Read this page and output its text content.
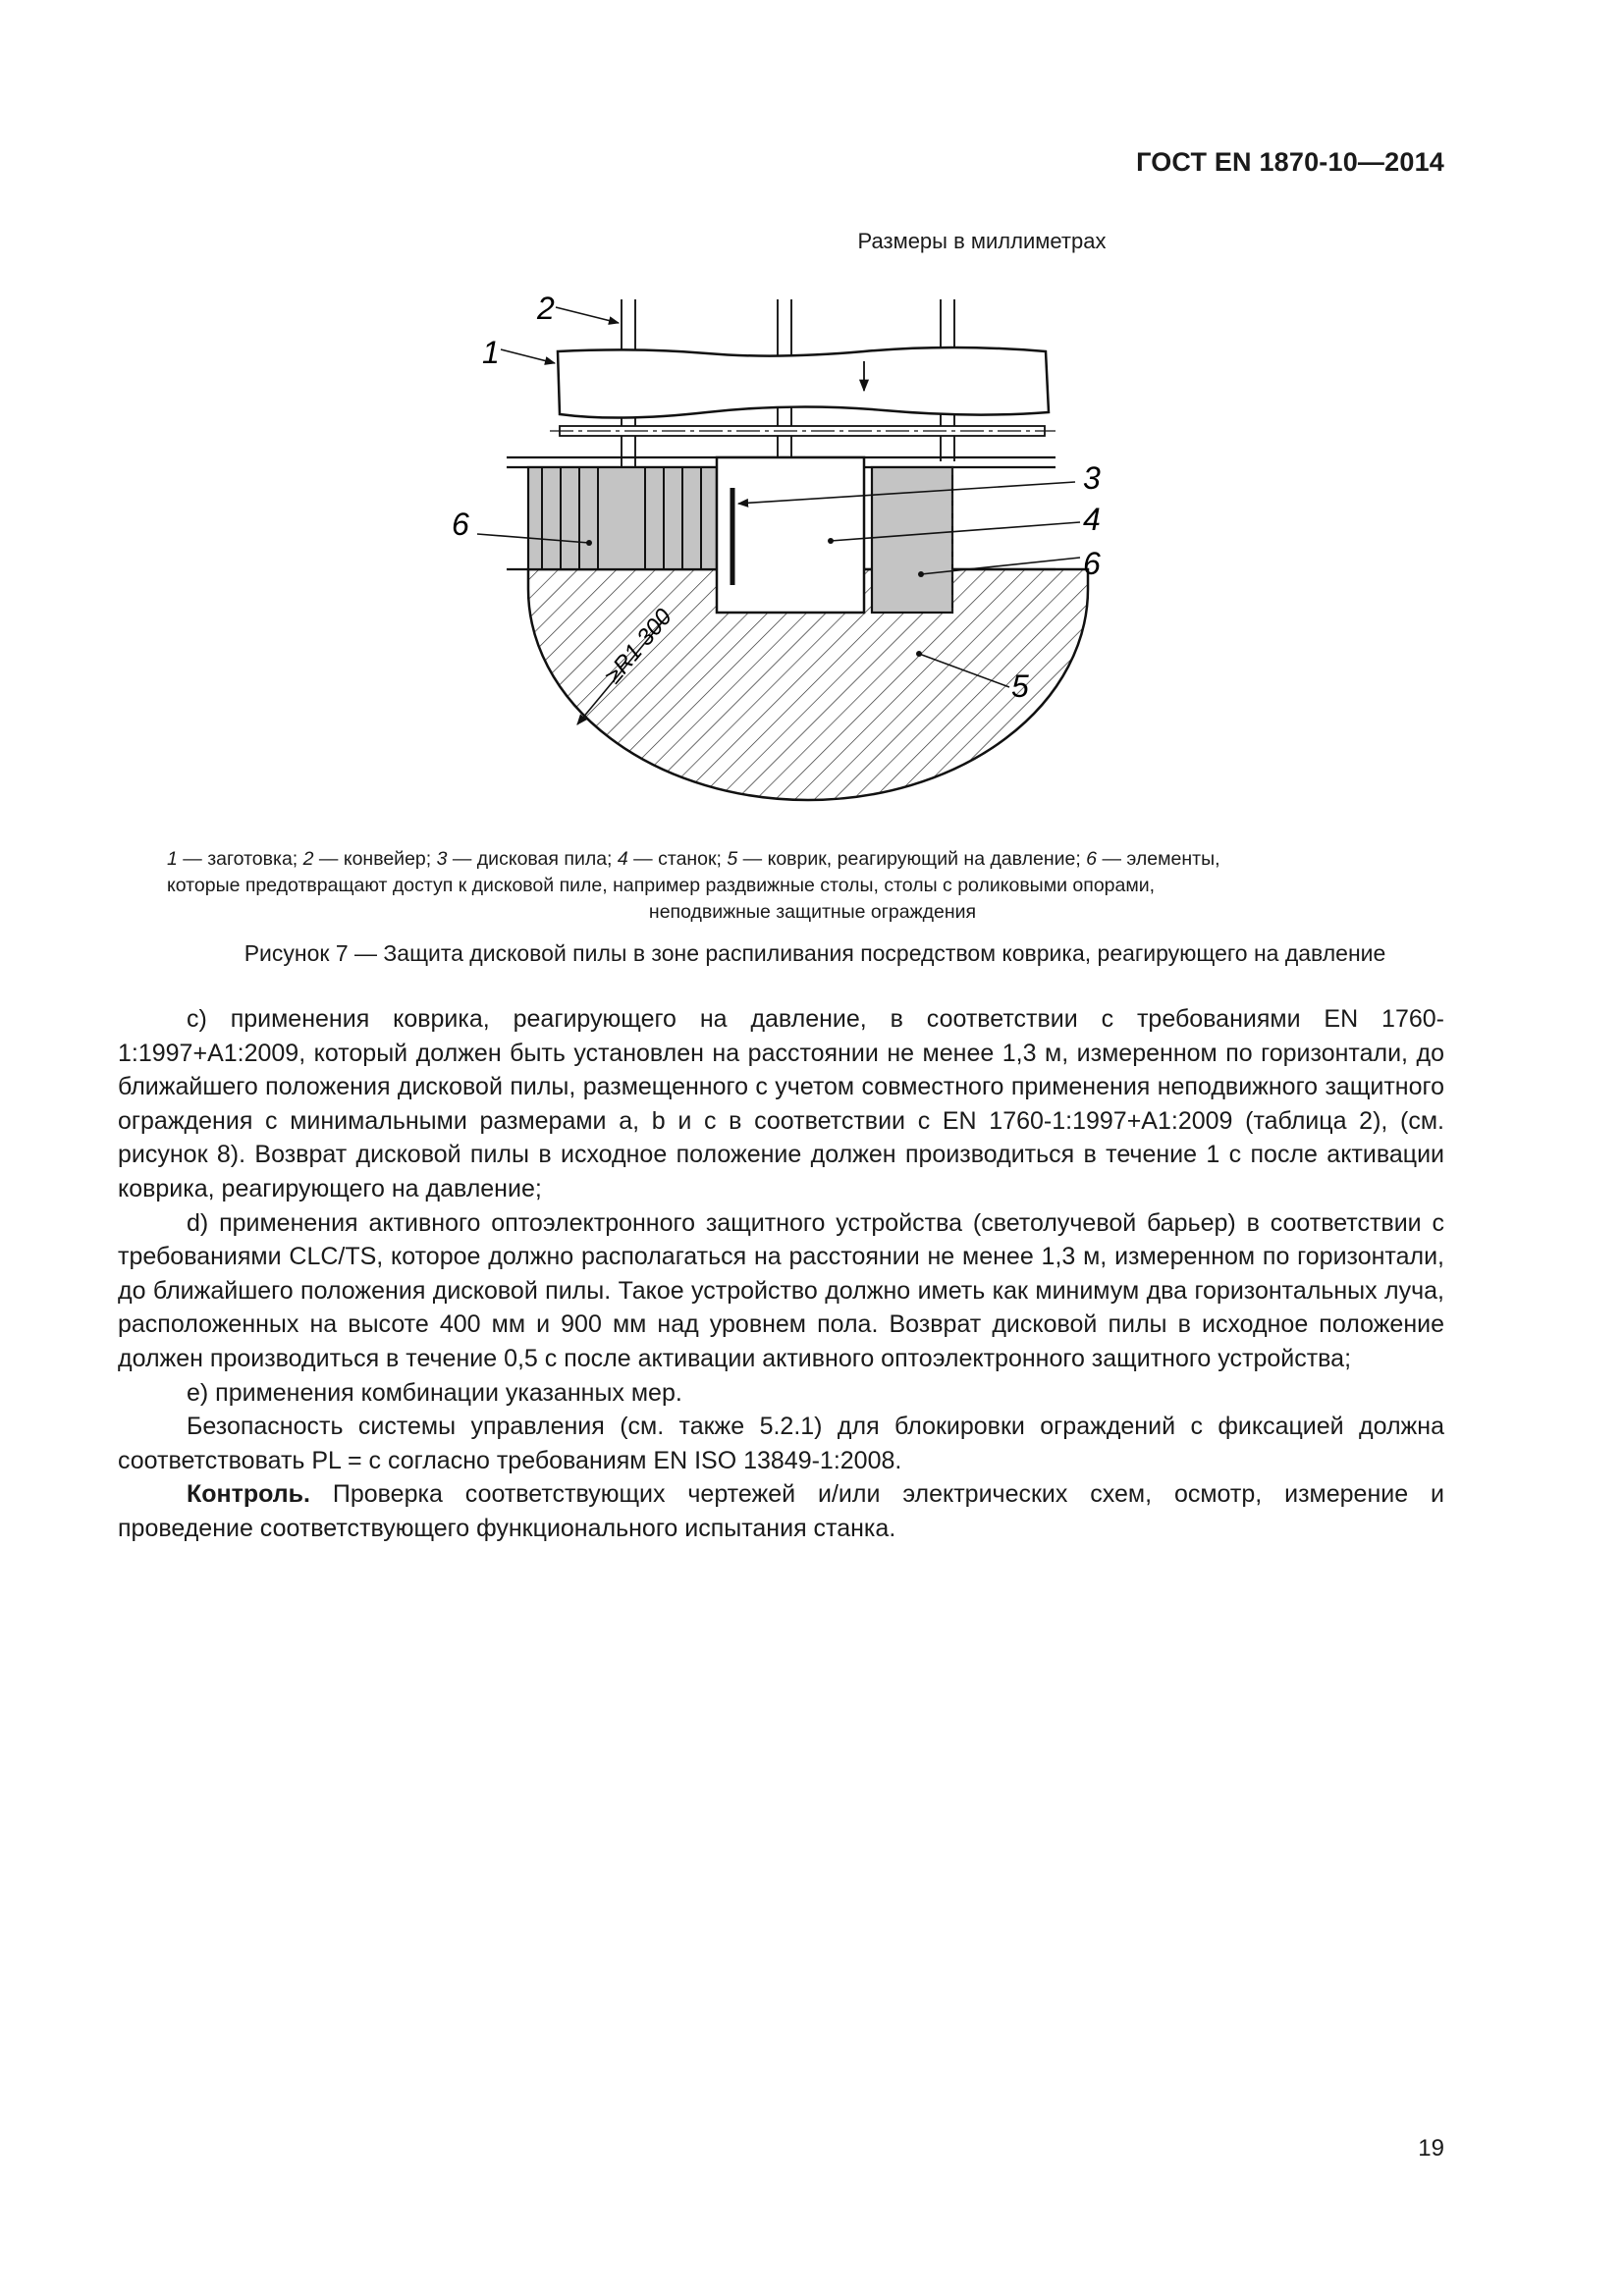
ГОСТ EN 1870-10—2014
Размеры в миллиметрах
2
1
3
4
6
6
5
≥R1 300
1 — заготовка; 2 — конвейер; 3 — дисковая пила; 4 — станок; 5 — коврик, реагирующий на давление; 6 — элементы,
которые предотвращают доступ к дисковой пиле, например раздвижные столы, столы с роликовыми опорами,
неподвижные защитные ограждения
Рисунок 7 — Защита дисковой пилы в зоне распиливания посредством коврика, реагирующего на давление

c) применения коврика, реагирующего на давление, в соответствии с требованиями EN 1760-1:1997+A1:2009, который должен быть установлен на расстоянии не менее 1,3 м, измеренном по горизонтали, до ближайшего положения дисковой пилы, размещенного с учетом совместного применения неподвижного защитного ограждения с минимальными размерами a, b и c в соответствии с EN 1760-1:1997+A1:2009 (таблица 2), (см. рисунок 8). Возврат дисковой пилы в исходное положение должен производиться в течение 1 с после активации коврика, реагирующего на давление;

d) применения активного оптоэлектронного защитного устройства (светолучевой барьер) в соответствии с требованиями CLC/TS, которое должно располагаться на расстоянии не менее 1,3 м, измеренном по горизонтали, до ближайшего положения дисковой пилы. Такое устройство должно иметь как минимум два горизонтальных луча, расположенных на высоте 400 мм и 900 мм над уровнем пола. Возврат дисковой пилы в исходное положение должен производиться в течение 0,5 с после активации активного оптоэлектронного защитного устройства;

e) применения комбинации указанных мер.

Безопасность системы управления (см. также 5.2.1) для блокировки ограждений с фиксацией должна соответствовать PL = c согласно требованиям EN ISO 13849-1:2008.

Контроль. Проверка соответствующих чертежей и/или электрических схем, осмотр, измерение и проведение соответствующего функционального испытания станка.

19
